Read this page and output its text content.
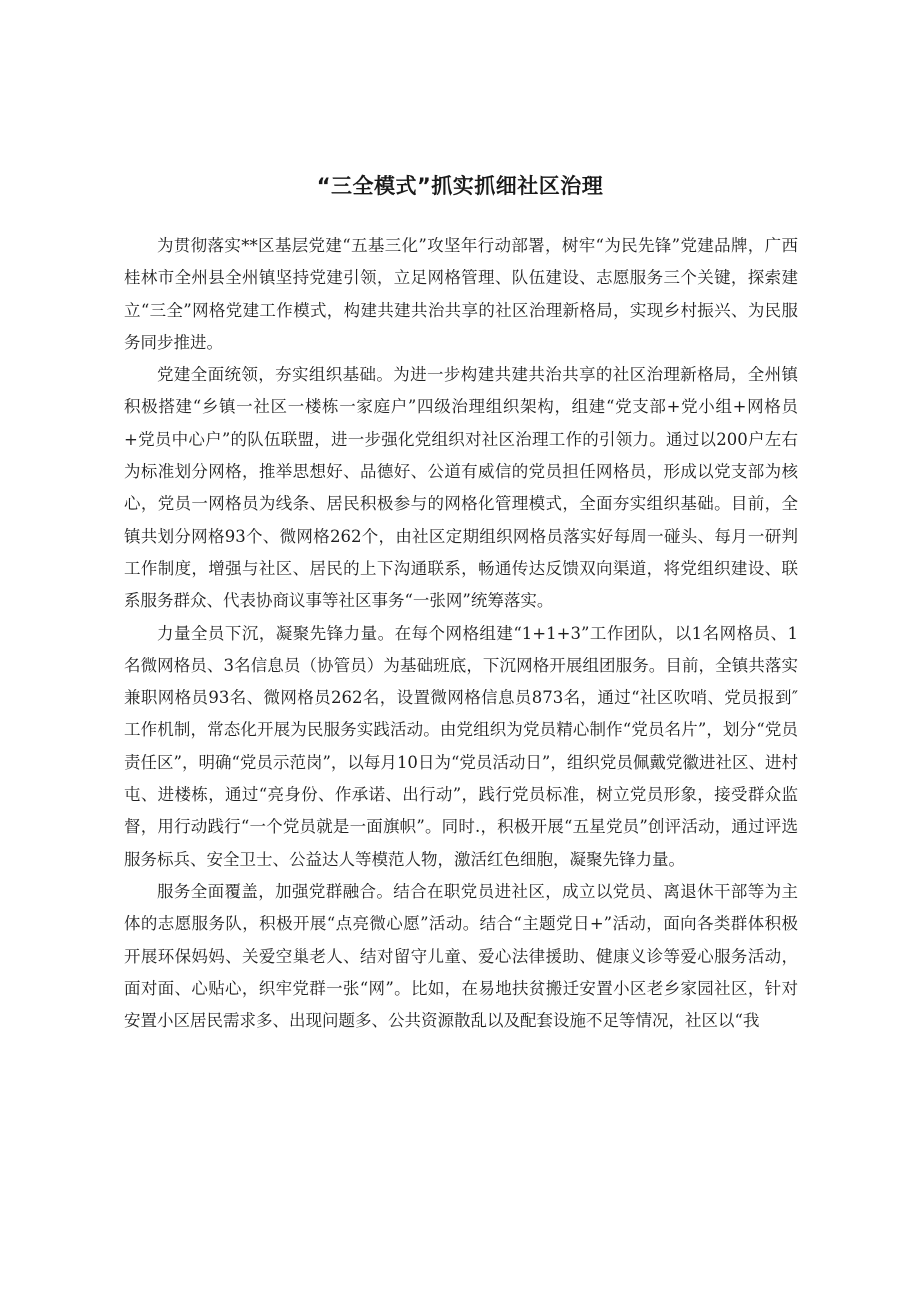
“三全模式”抓实抓细社区治理

为贯彻落实**区基层党建“五基三化”攻坚年行动部署，树牢“为民先锋”党建品牌，广西桂林市全州县全州镇坚持党建引领，立足网格管理、队伍建设、志愿服务三个关键，探索建立“三全”网格党建工作模式，构建共建共治共享的社区治理新格局，实现乡村振兴、为民服务同步推进。

党建全面统领，夯实组织基础。为进一步构建共建共治共享的社区治理新格局，全州镇积极搭建“乡镇一社区一楼栋一家庭户”四级治理组织架构，组建“党支部+党小组+网格员+党员中心户”的队伍联盟，进一步强化党组织对社区治理工作的引领力。通过以200户左右为标准划分网格，推举思想好、品德好、公道有威信的党员担任网格员，形成以党支部为核心，党员一网格员为线条、居民积极参与的网格化管理模式，全面夯实组织基础。目前，全镇共划分网格93个、微网格262个，由社区定期组织网格员落实好每周一碰头、每月一研判工作制度，增强与社区、居民的上下沟通联系，畅通传达反馈双向渠道，将党组织建设、联系服务群众、代表协商议事等社区事务“一张网”统筹落实。

力量全员下沉，凝聚先锋力量。在每个网格组建“1+1+3”工作团队，以1名网格员、1名微网格员、3名信息员（协管员）为基础班底，下沉网格开展组团服务。目前，全镇共落实兼职网格员93名、微网格员262名，设置微网格信息员873名，通过“社区吹哨、党员报到″工作机制，常态化开展为民服务实践活动。由党组织为党员精心制作“党员名片”，划分“党员责任区”，明确“党员示范岗”，以每月10日为“党员活动日”，组织党员佩戴党徽进社区、进村屯、进楼栋，通过“亮身份、作承诺、出行动”，践行党员标准，树立党员形象，接受群众监督，用行动践行“一个党员就是一面旗帜”。同时.，积极开展“五星党员”创评活动，通过评选服务标兵、安全卫士、公益达人等模范人物，激活红色细胞，凝聚先锋力量。

服务全面覆盖，加强党群融合。结合在职党员进社区，成立以党员、离退休干部等为主体的志愿服务队，积极开展“点亮微心愿”活动。结合“主题党日+”活动，面向各类群体积极开展环保妈妈、关爱空巢老人、结对留守儿童、爱心法律援助、健康义诊等爱心服务活动，面对面、心贴心，织牢党群一张“网”。比如，在易地扶贫搬迁安置小区老乡家园社区，针对安置小区居民需求多、出现问题多、公共资源散乱以及配套设施不足等情况，社区以“我
